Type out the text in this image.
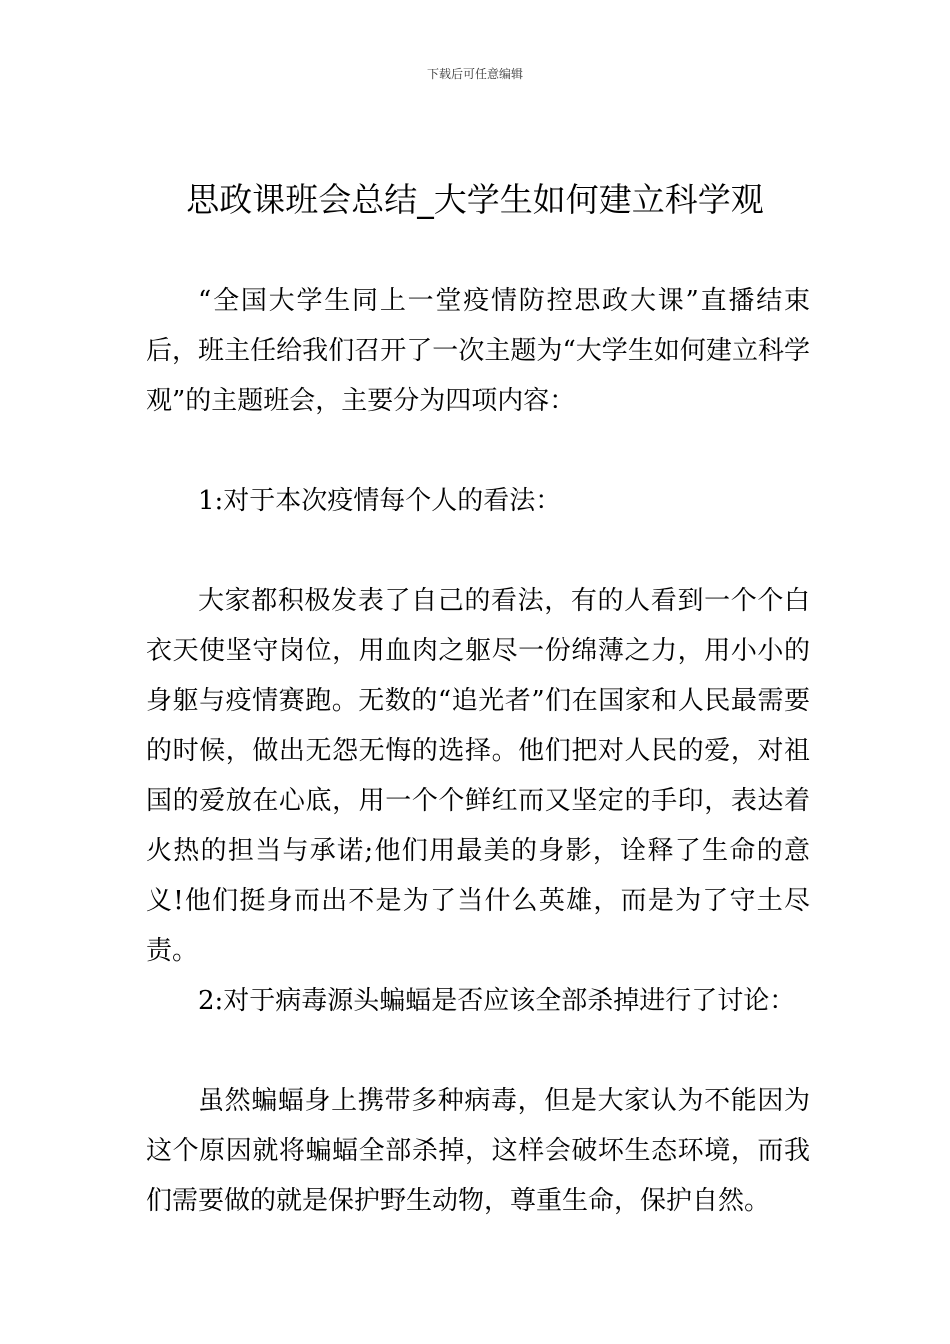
下载后可任意编辑
思政课班会总结_大学生如何建立科学观

“全国大学生同上一堂疫情防控思政大课”直播结束后，班主任给我们召开了一次主题为“大学生如何建立科学观”的主题班会，主要分为四项内容：

1:对于本次疫情每个人的看法：

大家都积极发表了自己的看法，有的人看到一个个白衣天使坚守岗位，用血肉之躯尽一份绵薄之力，用小小的身躯与疫情赛跑。无数的“追光者”们在国家和人民最需要的时候，做出无怨无悔的选择。他们把对人民的爱，对祖国的爱放在心底，用一个个鲜红而又坚定的手印，表达着火热的担当与承诺;他们用最美的身影，诠释了生命的意义!他们挺身而出不是为了当什么英雄，而是为了守土尽责。

2:对于病毒源头蝙蝠是否应该全部杀掉进行了讨论：

虽然蝙蝠身上携带多种病毒，但是大家认为不能因为这个原因就将蝙蝠全部杀掉，这样会破坏生态环境，而我们需要做的就是保护野生动物，尊重生命，保护自然。
